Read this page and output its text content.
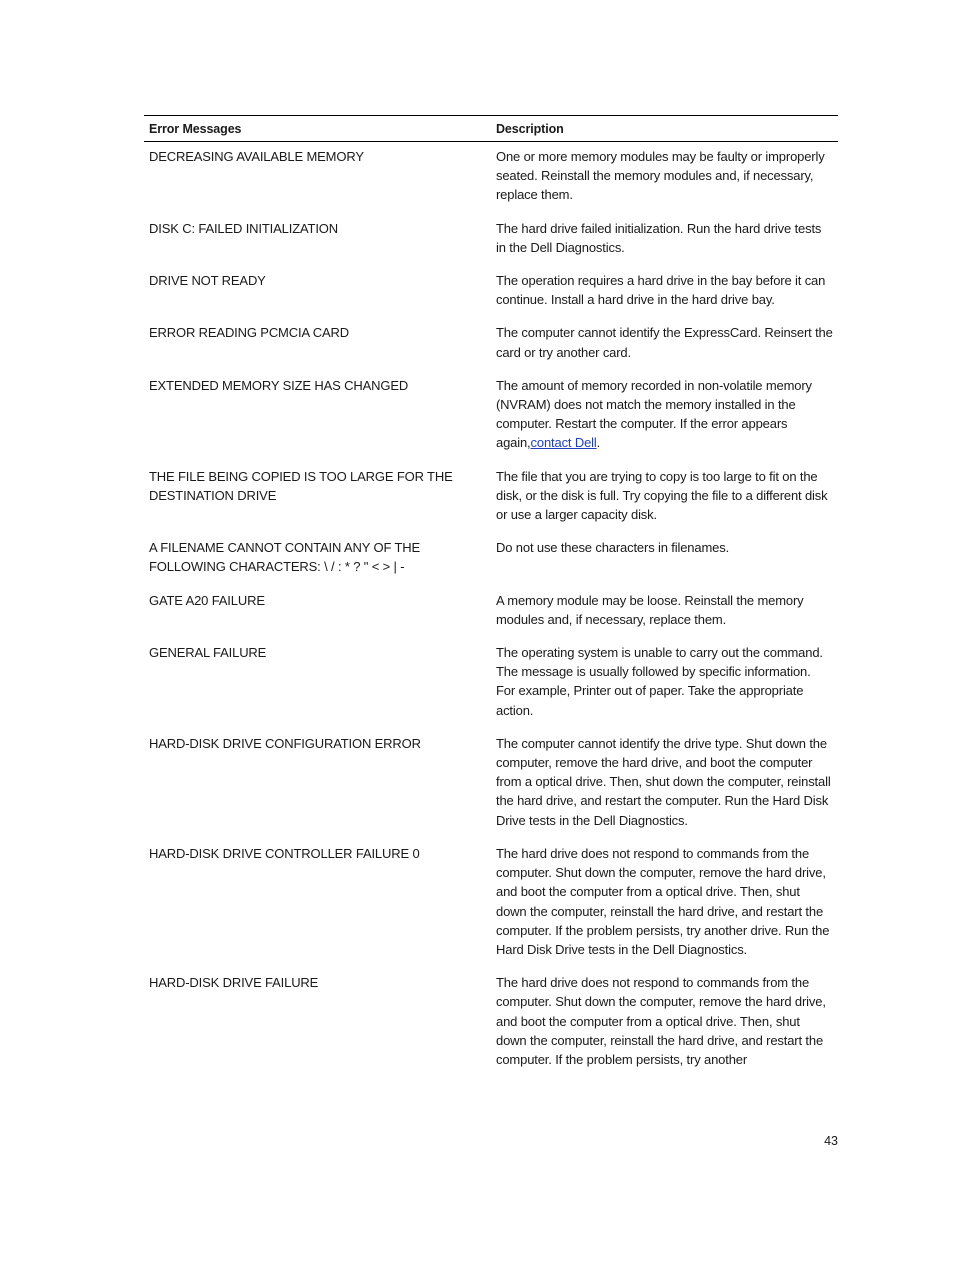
Error Messages	Description
DECREASING AVAILABLE MEMORY	One or more memory modules may be faulty or improperly seated. Reinstall the memory modules and, if necessary, replace them.
DISK C: FAILED INITIALIZATION	The hard drive failed initialization. Run the hard drive tests in the Dell Diagnostics.
DRIVE NOT READY	The operation requires a hard drive in the bay before it can continue. Install a hard drive in the hard drive bay.
ERROR READING PCMCIA CARD	The computer cannot identify the ExpressCard. Reinsert the card or try another card.
EXTENDED MEMORY SIZE HAS CHANGED	The amount of memory recorded in non-volatile memory (NVRAM) does not match the memory installed in the computer. Restart the computer. If the error appears again,contact Dell.
THE FILE BEING COPIED IS TOO LARGE FOR THE DESTINATION DRIVE	The file that you are trying to copy is too large to fit on the disk, or the disk is full. Try copying the file to a different disk or use a larger capacity disk.
A FILENAME CANNOT CONTAIN ANY OF THE FOLLOWING CHARACTERS: \ / : * ? " < > | -	Do not use these characters in filenames.
GATE A20 FAILURE	A memory module may be loose. Reinstall the memory modules and, if necessary, replace them.
GENERAL FAILURE	The operating system is unable to carry out the command. The message is usually followed by specific information. For example, Printer out of paper. Take the appropriate action.
HARD-DISK DRIVE CONFIGURATION ERROR	The computer cannot identify the drive type. Shut down the computer, remove the hard drive, and boot the computer from a optical drive. Then, shut down the computer, reinstall the hard drive, and restart the computer. Run the Hard Disk Drive tests in the Dell Diagnostics.
HARD-DISK DRIVE CONTROLLER FAILURE 0	The hard drive does not respond to commands from the computer. Shut down the computer, remove the hard drive, and boot the computer from a optical drive. Then, shut down the computer, reinstall the hard drive, and restart the computer. If the problem persists, try another drive. Run the Hard Disk Drive tests in the Dell Diagnostics.
HARD-DISK DRIVE FAILURE	The hard drive does not respond to commands from the computer. Shut down the computer, remove the hard drive, and boot the computer from a optical drive. Then, shut down the computer, reinstall the hard drive, and restart the computer. If the problem persists, try another
43
